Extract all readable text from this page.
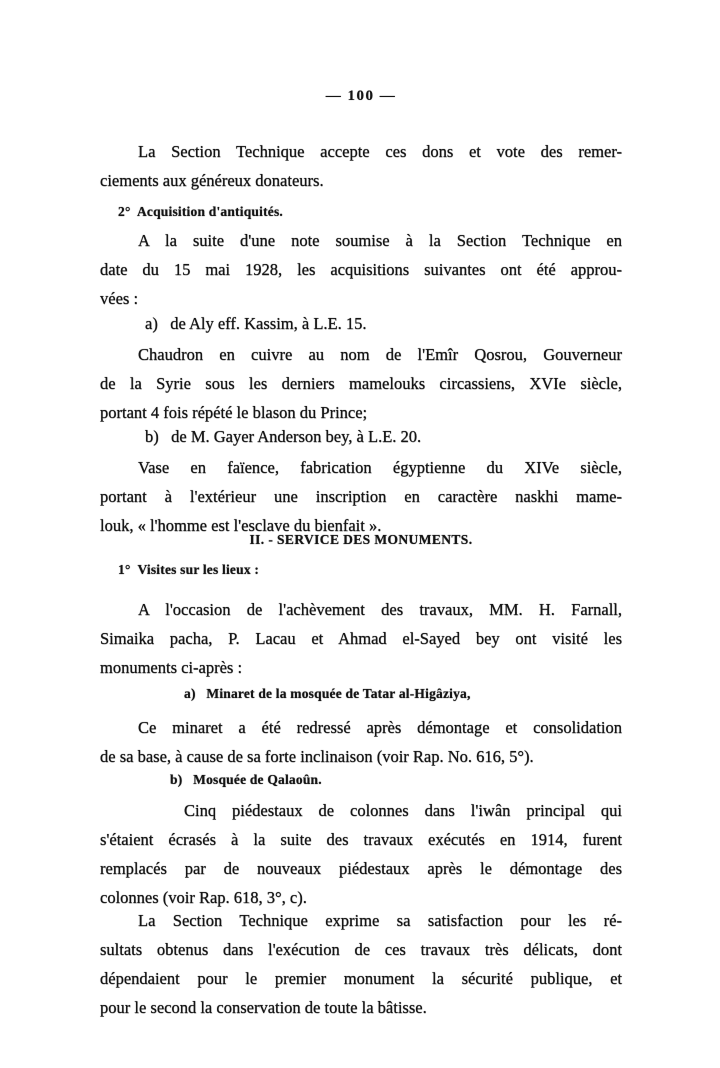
— 100 —
La Section Technique accepte ces dons et vote des remer-
ciements aux généreux donateurs.
2°  Acquisition d'antiquités.
A la suite d'une note soumise à la Section Technique en
date du 15 mai 1928, les acquisitions suivantes ont été approu-
vées :
a)   de Aly eff. Kassim, à L.E. 15.
Chaudron en cuivre au nom de l'Emîr Qosrou, Gouverneur
de la Syrie sous les derniers mamelouks circassiens, XVIe siècle,
portant 4 fois répété le blason du Prince;
b)   de M. Gayer Anderson bey, à L.E. 20.
Vase en faïence, fabrication égyptienne du XIVe siècle,
portant à l'extérieur une inscription en caractère naskhi mame-
louk, « l'homme est l'esclave du bienfait ».
II. - SERVICE DES MONUMENTS.
1°  Visites sur les lieux :
A l'occasion de l'achèvement des travaux, MM. H. Farnall,
Simaika pacha, P. Lacau et Ahmad el-Sayed bey ont visité les
monuments ci-après :
a)   Minaret de la mosquée de Tatar al-Higâziya,
Ce minaret a été redressé après démontage et consolidation
de sa base, à cause de sa forte inclinaison (voir Rap. No. 616, 5°).
b)   Mosquée de Qalaoûn.
Cinq piédestaux de colonnes dans l'iwân principal qui
s'étaient écrasés à la suite des travaux exécutés en 1914, furent
remplacés par de nouveaux piédestaux après le démontage des
colonnes (voir Rap. 618, 3°, c).
La Section Technique exprime sa satisfaction pour les ré-
sultats obtenus dans l'exécution de ces travaux très délicats, dont
dépendaient pour le premier monument la sécurité publique, et
pour le second la conservation de toute la bâtisse.
